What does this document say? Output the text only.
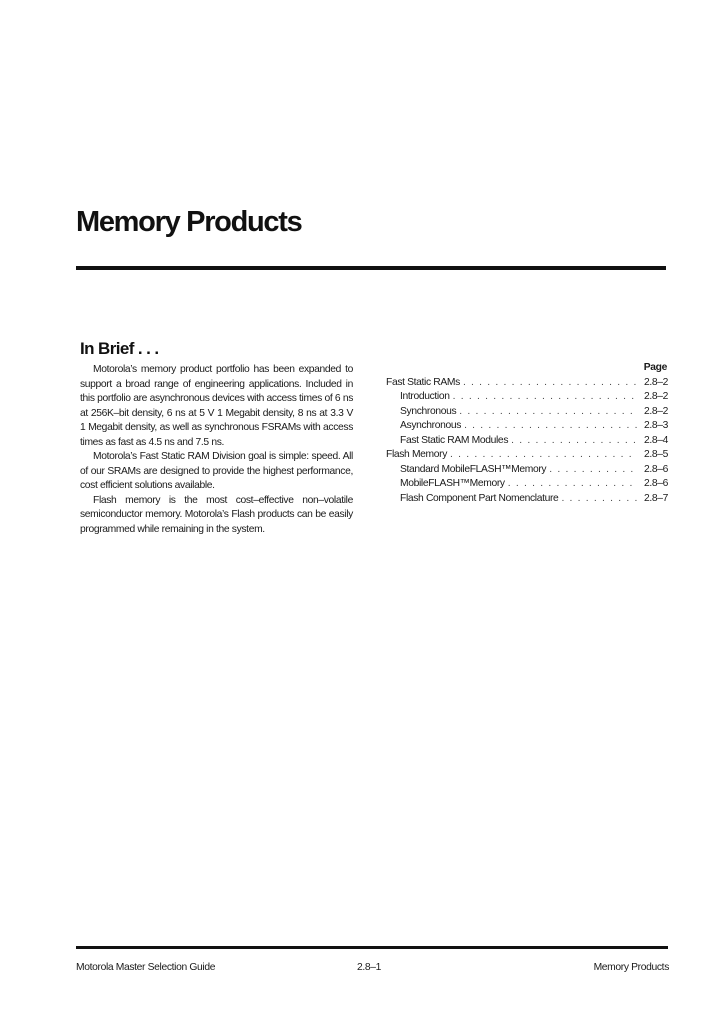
Memory Products
In Brief . . .

Motorola’s memory product portfolio has been expanded to support a broad range of engineering applications. Included in this portfolio are asynchronous devices with access times of 6 ns at 256K–bit density, 6 ns at 5 V 1 Megabit density, 8 ns at 3.3 V 1 Megabit density, as well as synchronous FSRAMs with access times as fast as 4.5 ns and 7.5 ns.

Motorola’s Fast Static RAM Division goal is simple: speed. All of our SRAMs are designed to provide the highest performance, cost efficient solutions available.

Flash memory is the most cost–effective non–volatile semiconductor memory. Motorola’s Flash products can be easily programmed while remaining in the system.

Page
Fast Static RAMs . . .	2.8–2
Introduction . . .	2.8–2
Synchronous . . .	2.8–2
Asynchronous . . .	2.8–3
Fast Static RAM Modules . . .	2.8–4
Flash Memory . . .	2.8–5
Standard MobileFLASH™Memory . . .	2.8–6
MobileFLASH™Memory . . .	2.8–6
Flash Component Part Nomenclature . . .	2.8–7
Motorola Master Selection Guide	2.8–1	Memory Products
